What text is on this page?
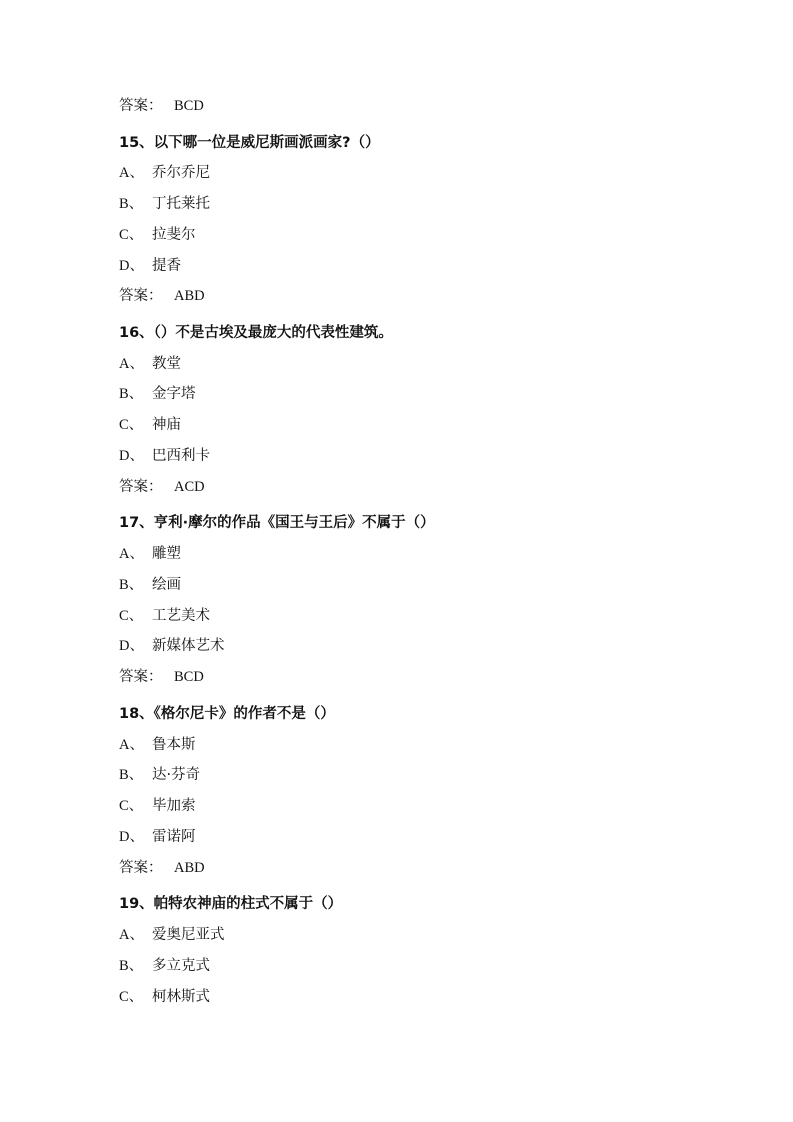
答案： BCD
15、以下哪一位是威尼斯画派画家?（）
A、 乔尔乔尼
B、 丁托莱托
C、 拉斐尔
D、 提香
答案： ABD
16、（）不是古埃及最庞大的代表性建筑。
A、 教堂
B、 金字塔
C、 神庙
D、 巴西利卡
答案： ACD
17、亨利·摩尔的作品《国王与王后》不属于（）
A、 雕塑
B、 绘画
C、 工艺美术
D、 新媒体艺术
答案： BCD
18、《格尔尼卡》的作者不是（）
A、 鲁本斯
B、 达·芬奇
C、 毕加索
D、 雷诺阿
答案： ABD
19、帕特农神庙的柱式不属于（）
A、 爱奥尼亚式
B、 多立克式
C、 柯林斯式
